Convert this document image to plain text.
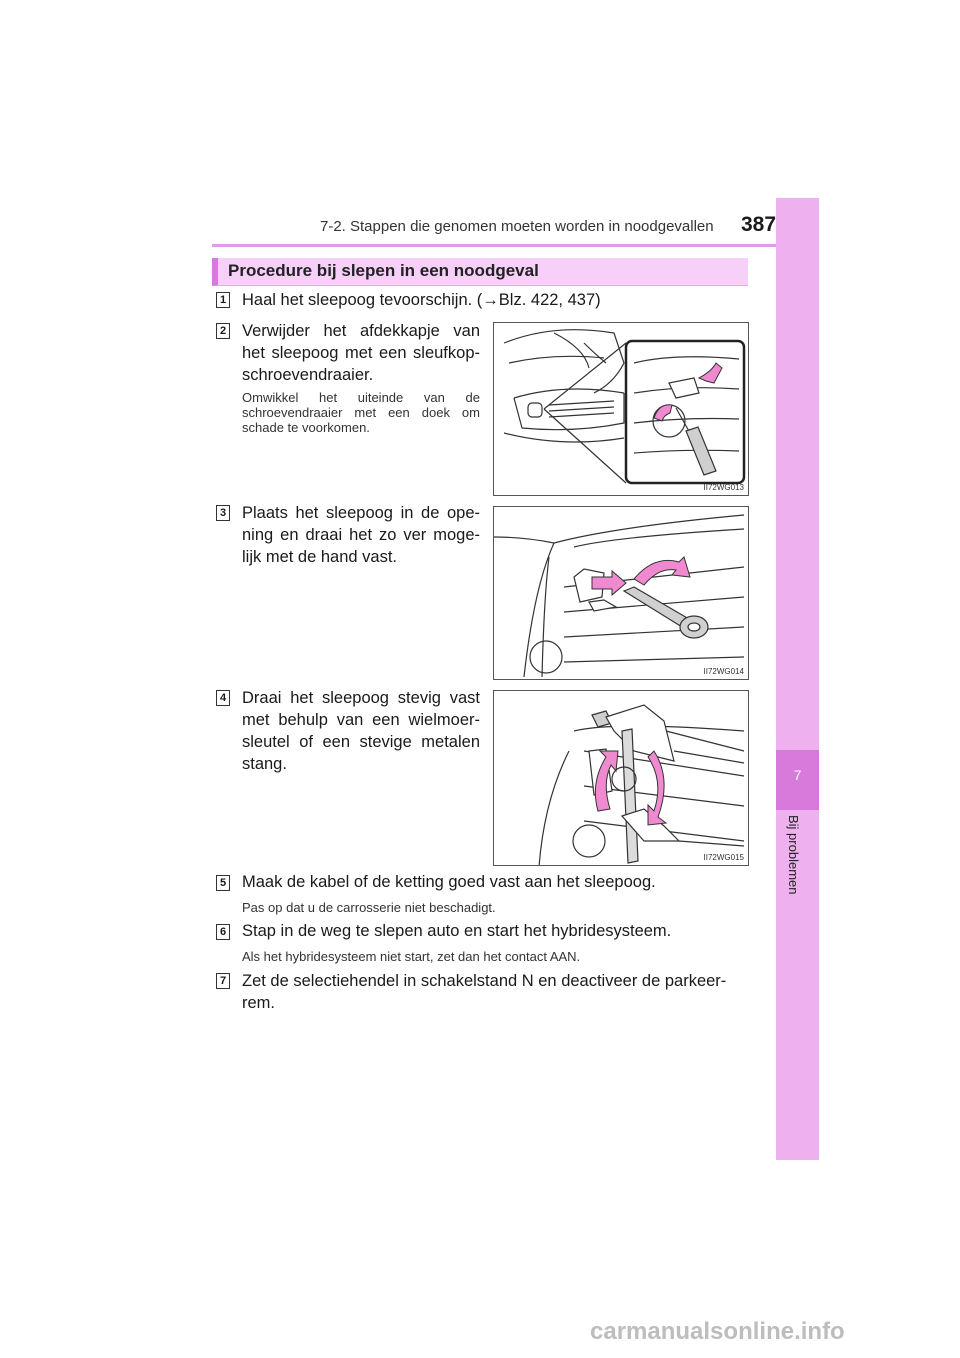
7-2. Stappen die genomen moeten worden in noodgevallen 387
7
Bij problemen
Procedure bij slepen in een noodgeval
1 Haal het sleepoog tevoorschijn. (→Blz. 422, 437)
2 Verwijder het afdekkapje van het sleepoog met een sleufkop-schroevendraaier.
Omwikkel het uiteinde van de schroevendraaier met een doek om schade te voorkomen.
II72WG013
3 Plaats het sleepoog in de ope-ning en draai het zo ver moge-lijk met de hand vast.
II72WG014
4 Draai het sleepoog stevig vast met behulp van een wielmoer-sleutel of een stevige metalen stang.
II72WG015
5 Maak de kabel of de ketting goed vast aan het sleepoog.
Pas op dat u de carrosserie niet beschadigt.
6 Stap in de weg te slepen auto en start het hybridesysteem.
Als het hybridesysteem niet start, zet dan het contact AAN.
7 Zet de selectiehendel in schakelstand N en deactiveer de parkeer-rem.
carmanualsonline.info
